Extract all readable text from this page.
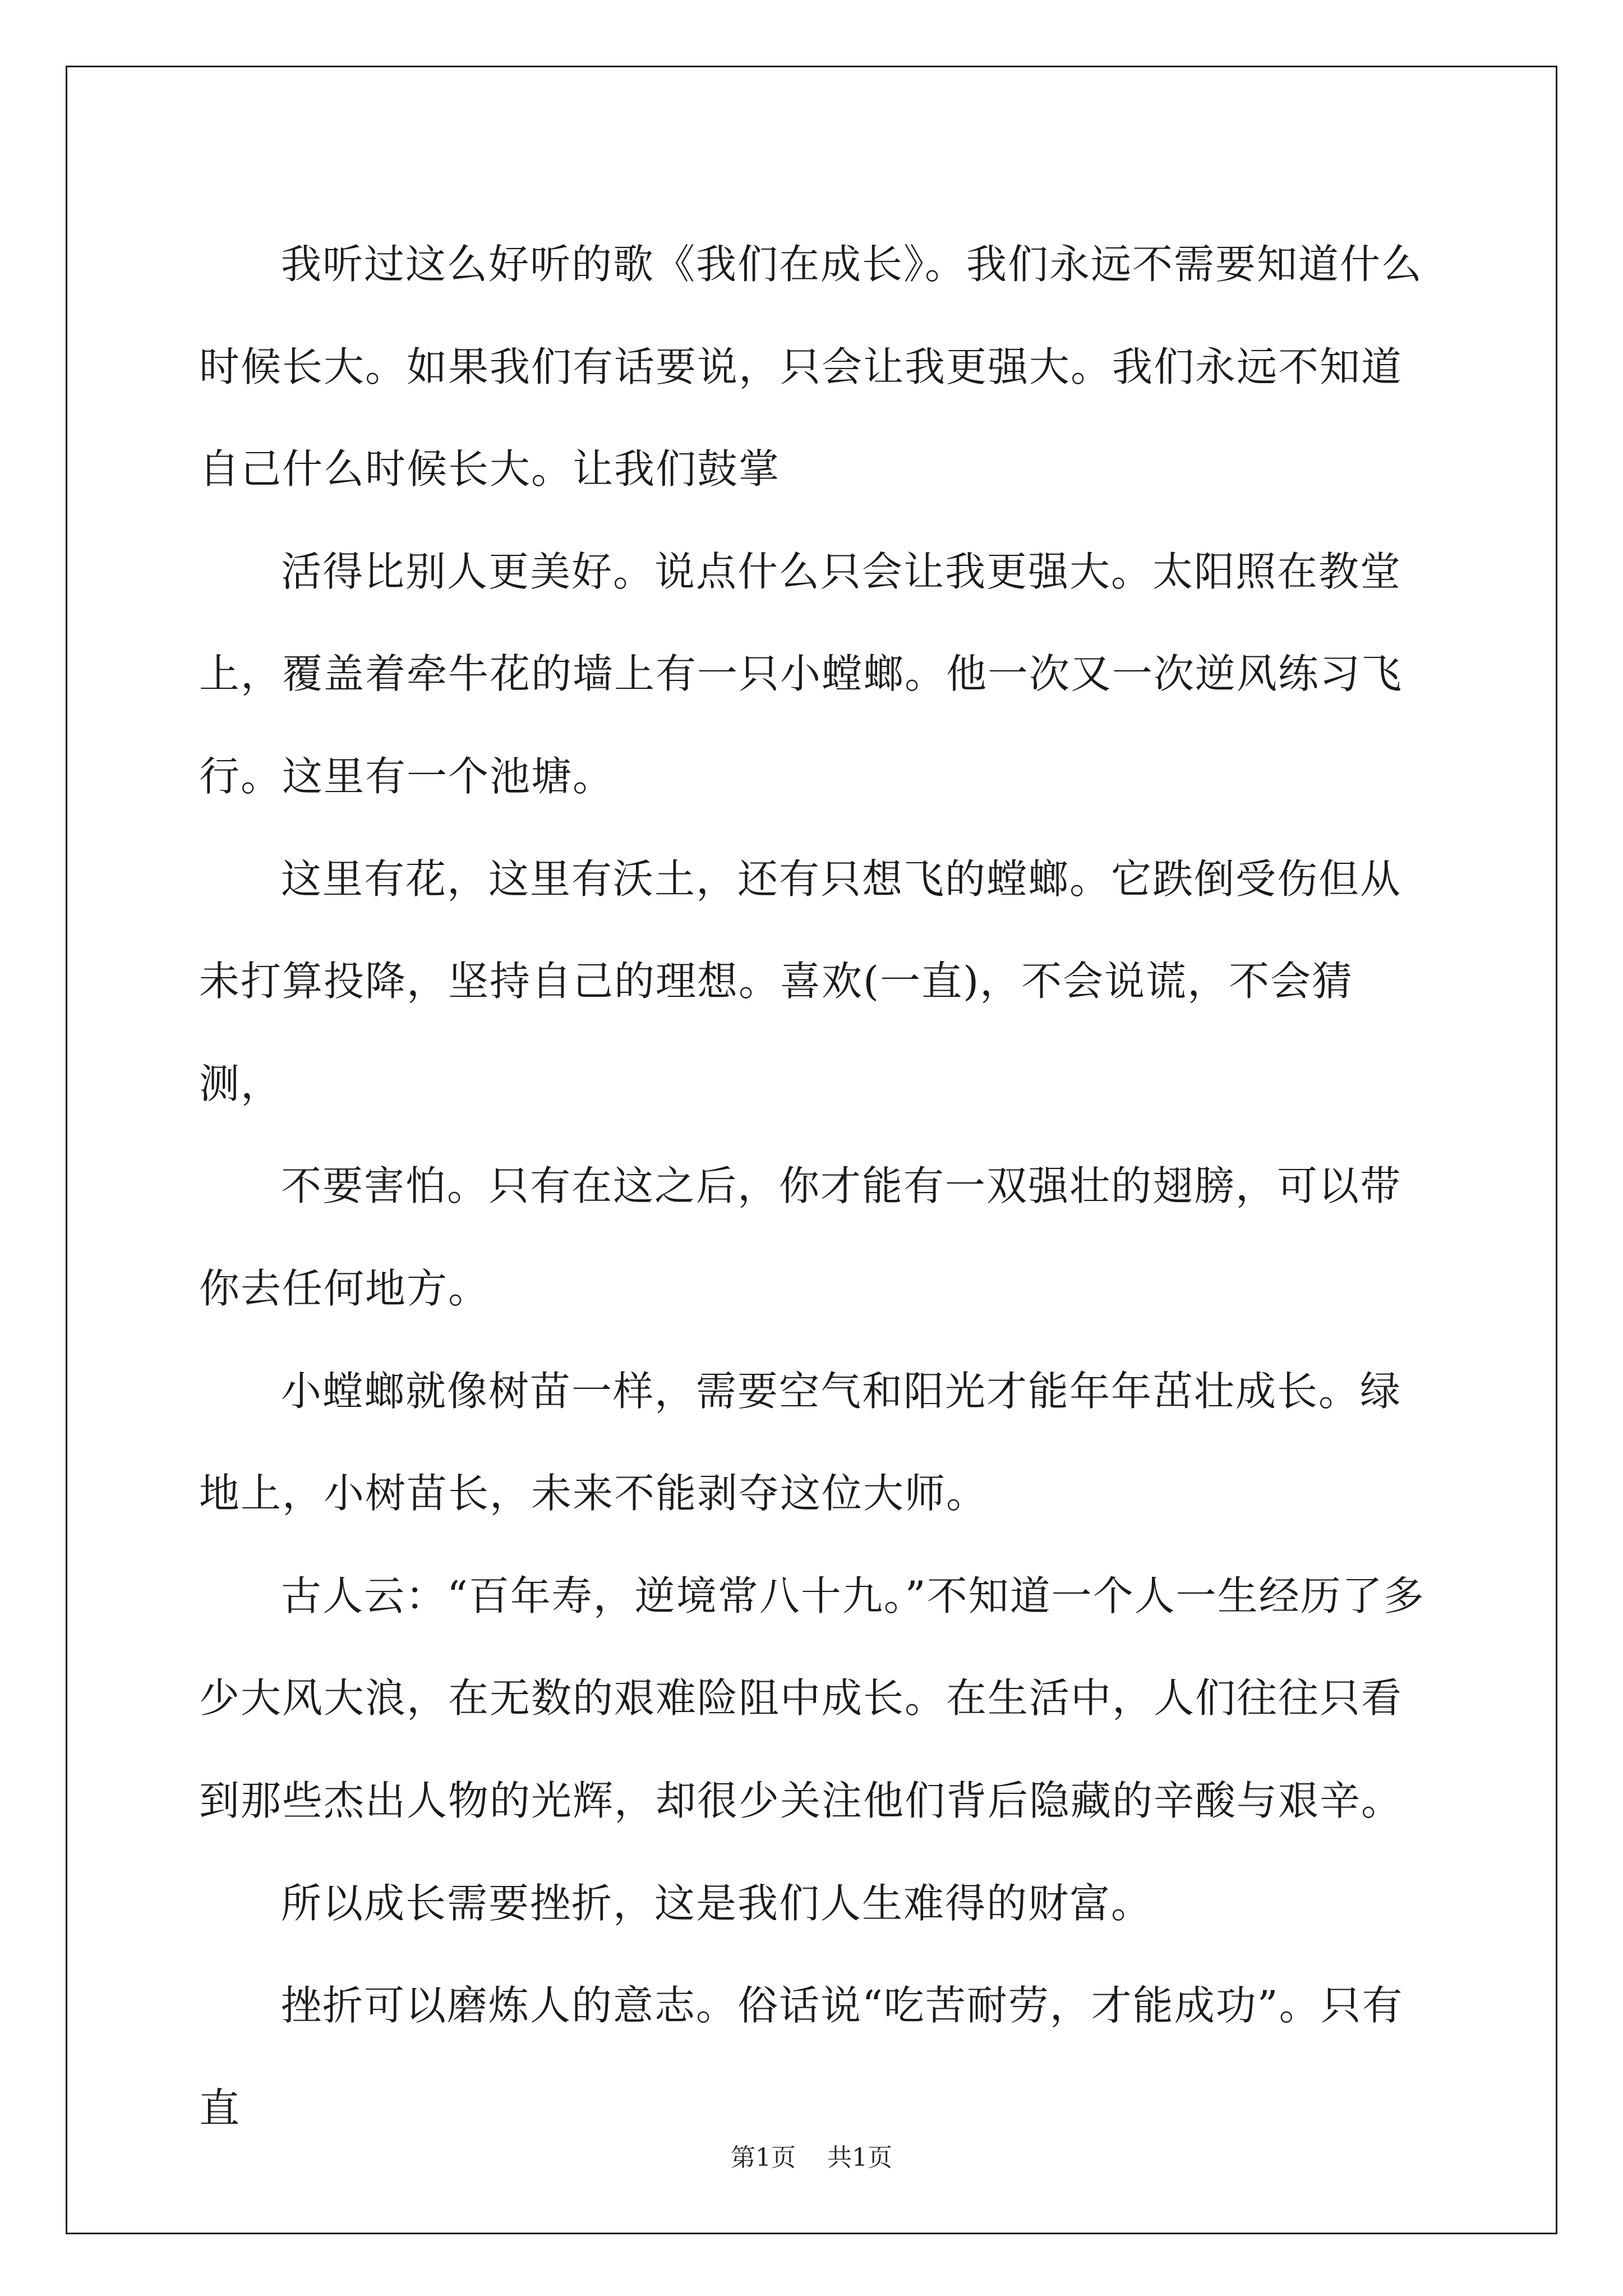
我听过这么好听的歌《我们在成长》。我们永远不需要知道什么时候长大。如果我们有话要说，只会让我更强大。我们永远不知道自己什么时候长大。让我们鼓掌

活得比别人更美好。说点什么只会让我更强大。太阳照在教堂上，覆盖着牵牛花的墙上有一只小螳螂。他一次又一次逆风练习飞行。这里有一个池塘。

这里有花，这里有沃土，还有只想飞的螳螂。它跌倒受伤但从未打算投降，坚持自己的理想。喜欢(一直)，不会说谎，不会猜测，

不要害怕。只有在这之后，你才能有一双强壮的翅膀，可以带你去任何地方。

小螳螂就像树苗一样，需要空气和阳光才能年年茁壮成长。绿地上，小树苗长，未来不能剥夺这位大师。

古人云：“百年寿，逆境常八十九。”不知道一个人一生经历了多少大风大浪，在无数的艰难险阻中成长。在生活中，人们往往只看到那些杰出人物的光辉，却很少关注他们背后隐藏的辛酸与艰辛。

所以成长需要挫折，这是我们人生难得的财富。

挫折可以磨炼人的意志。俗话说“吃苦耐劳，才能成功”。只有直

第1页 共1页
